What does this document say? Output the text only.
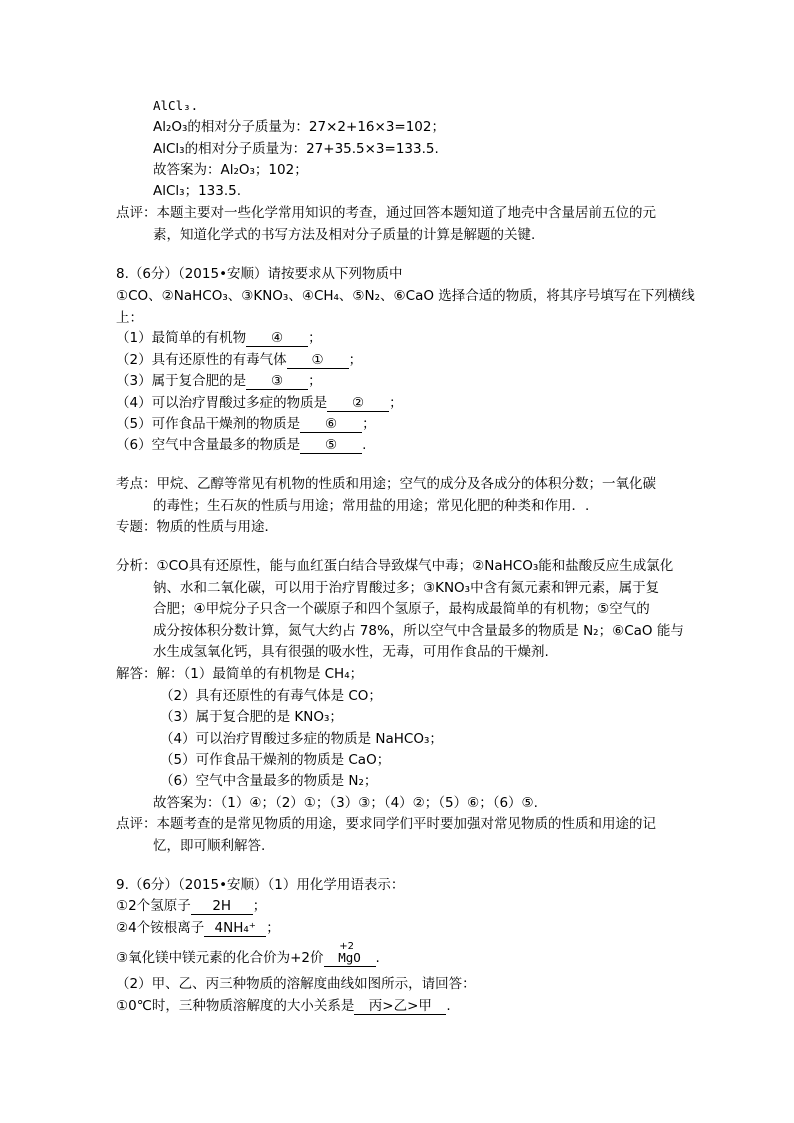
AlCl₃.
Al₂O₃的相对分子质量为：27×2+16×3=102；
AlCl₃的相对分子质量为：27+35.5×3=133.5.
故答案为：Al₂O₃；102；
AlCl₃；133.5.
点评：本题主要对一些化学常用知识的考查，通过回答本题知道了地壳中含量居前五位的元
素，知道化学式的书写方法及相对分子质量的计算是解题的关键.
8.（6分）（2015•安顺）请按要求从下列物质中
①CO、②NaHCO₃、③KNO₃、④CH₄、⑤N₂、⑥CaO 选择合适的物质，将其序号填写在下列横线
上：
（1）最简单的有机物 ④ ；
（2）具有还原性的有毒气体 ① ；
（3）属于复合肥的是 ③ ；
（4）可以治疗胃酸过多症的物质是 ② ；
（5）可作食品干燥剂的物质是 ⑥ ；
（6）空气中含量最多的物质是 ⑤ .
考点：甲烷、乙醇等常见有机物的性质和用途；空气的成分及各成分的体积分数；一氧化碳
的毒性；生石灰的性质与用途；常用盐的用途；常见化肥的种类和作用．.
专题：物质的性质与用途．
分析：①CO具有还原性，能与血红蛋白结合导致煤气中毒；②NaHCO₃能和盐酸反应生成氯化
钠、水和二氧化碳，可以用于治疗胃酸过多；③KNO₃中含有氮元素和钾元素，属于复
合肥；④甲烷分子只含一个碳原子和四个氢原子，最构成最简单的有机物；⑤空气的
成分按体积分数计算，氮气大约占 78%，所以空气中含量最多的物质是 N₂；⑥CaO 能与
水生成氢氧化钙，具有很强的吸水性，无毒，可用作食品的干燥剂.
解答：解：（1）最简单的有机物是 CH₄；
（2）具有还原性的有毒气体是 CO；
（3）属于复合肥的是 KNO₃；
（4）可以治疗胃酸过多症的物质是 NaHCO₃；
（5）可作食品干燥剂的物质是 CaO；
（6）空气中含量最多的物质是 N₂；
故答案为：（1）④；（2）①；（3）③；（4）②；（5）⑥；（6）⑤.
点评：本题考查的是常见物质的用途，要求同学们平时要加强对常见物质的性质和用途的记
忆，即可顺利解答.
9.（6分）（2015•安顺）（1）用化学用语表示：
①2个氢原子 2H ；
②4个铵根离子 4NH₄⁺ ；
③氧化镁中镁元素的化合价为+2价
+2
MgO .
（2）甲、乙、丙三种物质的溶解度曲线如图所示，请回答：
①0℃时，三种物质溶解度的大小关系是 丙>乙>甲 .
